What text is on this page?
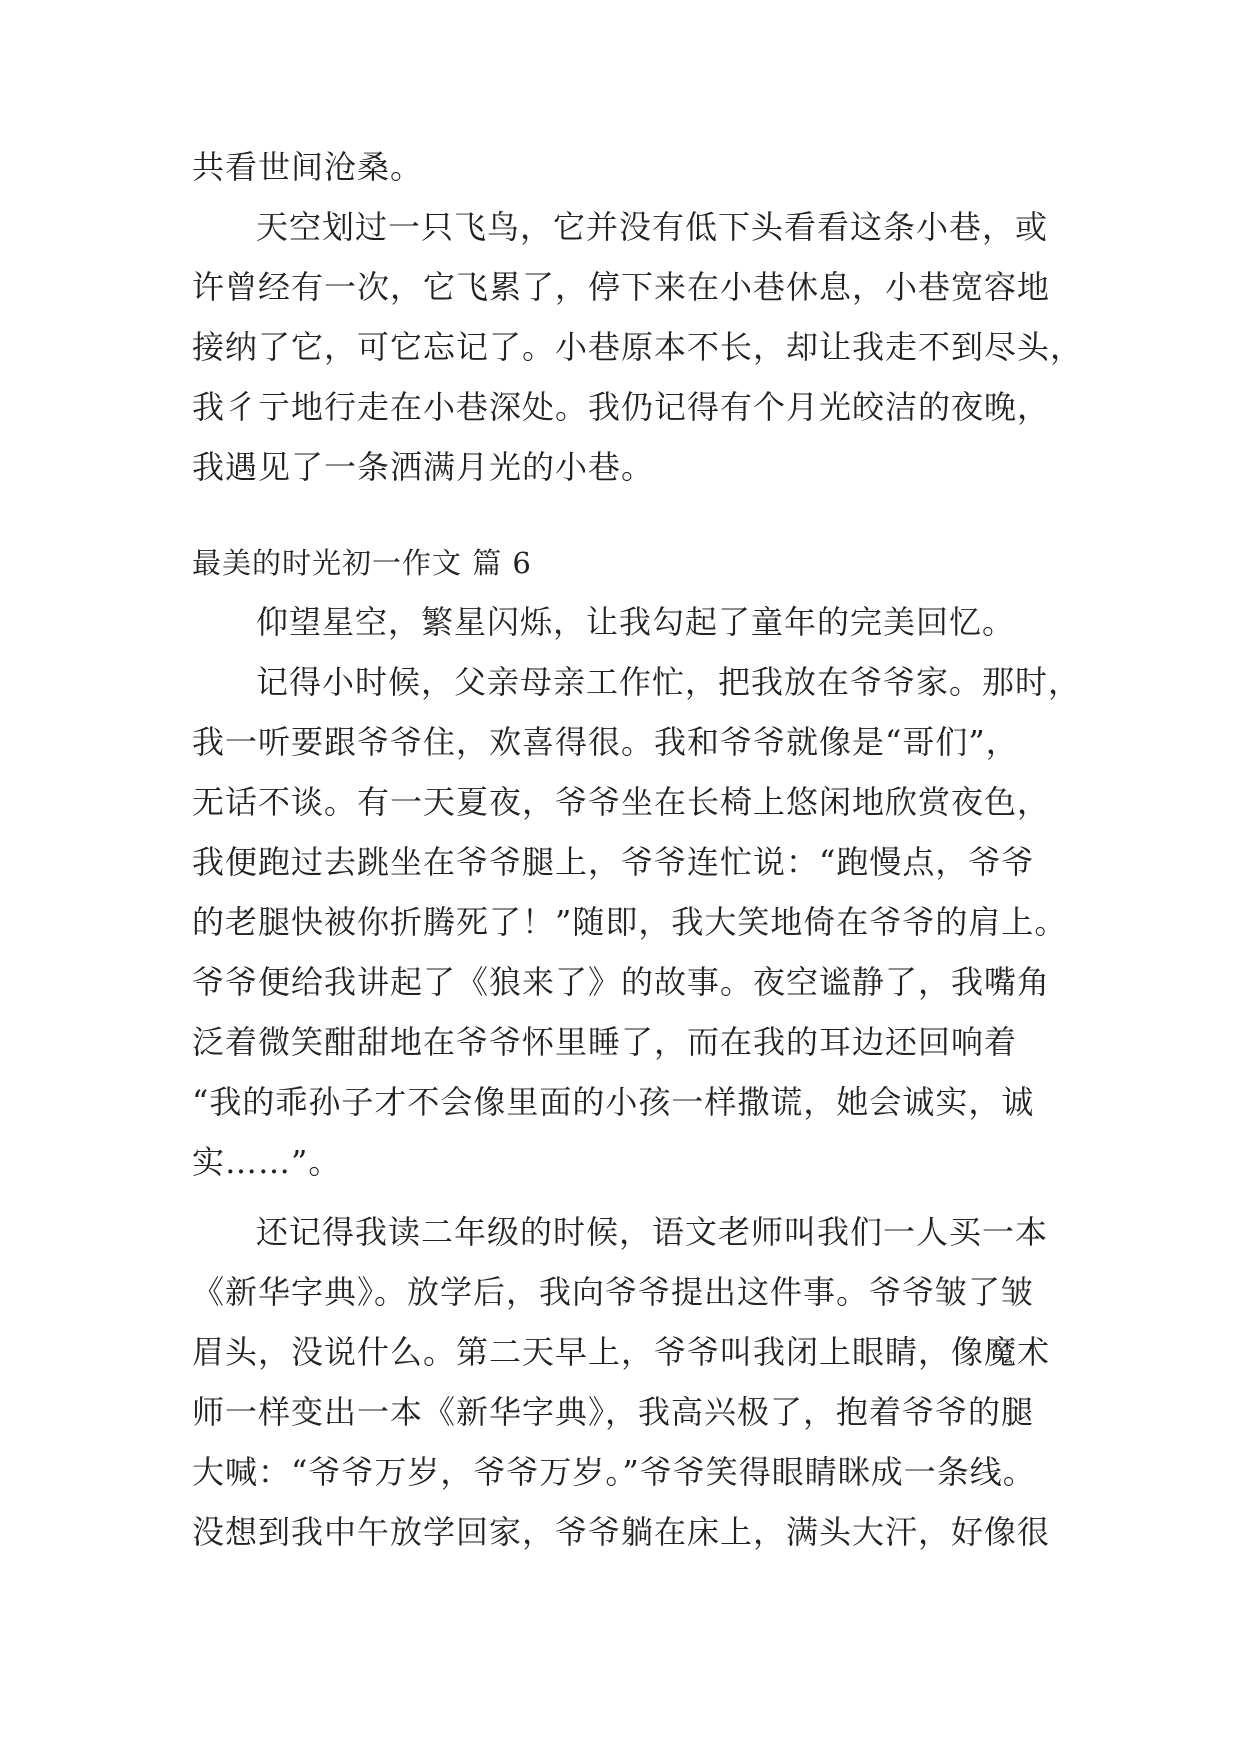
共看世间沧桑。
天空划过一只飞鸟，它并没有低下头看看这条小巷，或
许曾经有一次，它飞累了，停下来在小巷休息，小巷宽容地
接纳了它，可它忘记了。小巷原本不长，却让我走不到尽头，
我彳亍地行走在小巷深处。我仍记得有个月光皎洁的夜晚，
我遇见了一条洒满月光的小巷。
最美的时光初一作文 篇 6
仰望星空，繁星闪烁，让我勾起了童年的完美回忆。
记得小时候，父亲母亲工作忙，把我放在爷爷家。那时，
我一听要跟爷爷住，欢喜得很。我和爷爷就像是“哥们”，
无话不谈。有一天夏夜，爷爷坐在长椅上悠闲地欣赏夜色，
我便跑过去跳坐在爷爷腿上，爷爷连忙说：“跑慢点，爷爷
的老腿快被你折腾死了！”随即，我大笑地倚在爷爷的肩上。
爷爷便给我讲起了《狼来了》的故事。夜空谧静了，我嘴角
泛着微笑酣甜地在爷爷怀里睡了，而在我的耳边还回响着
“我的乖孙子才不会像里面的小孩一样撒谎，她会诚实，诚
实……”。
还记得我读二年级的时候，语文老师叫我们一人买一本
《新华字典》。放学后，我向爷爷提出这件事。爷爷皱了皱
眉头，没说什么。第二天早上，爷爷叫我闭上眼睛，像魔术
师一样变出一本《新华字典》，我高兴极了，抱着爷爷的腿
大喊：“爷爷万岁，爷爷万岁。”爷爷笑得眼睛眯成一条线。
没想到我中午放学回家，爷爷躺在床上，满头大汗，好像很
